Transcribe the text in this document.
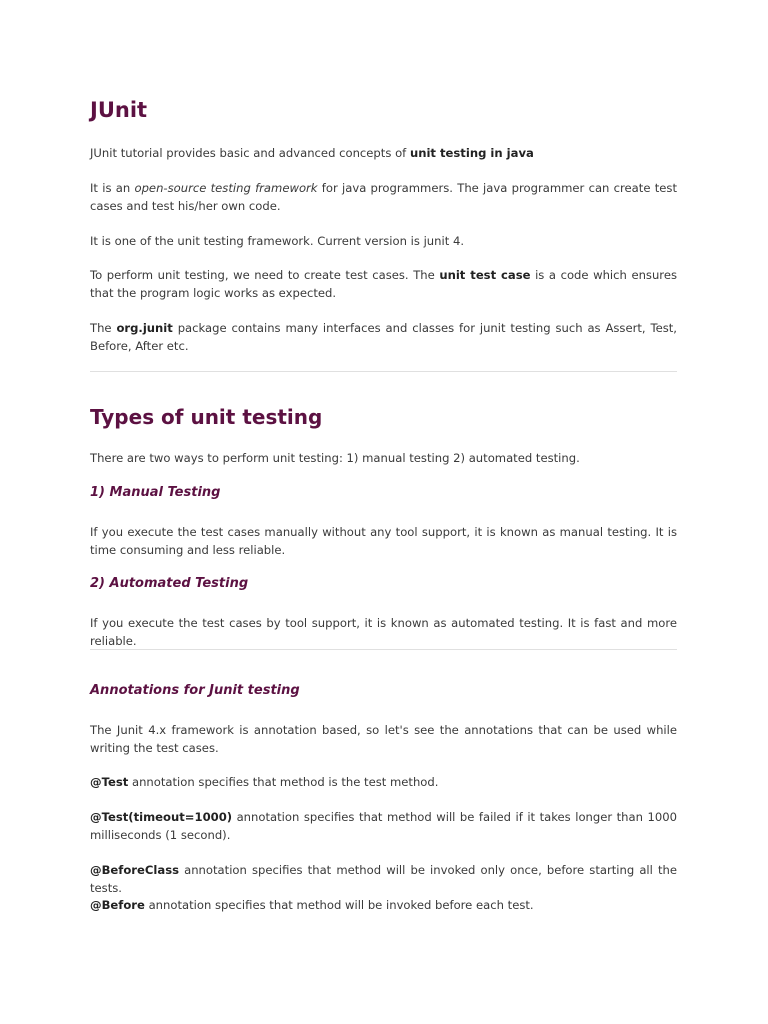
JUnit

JUnit tutorial provides basic and advanced concepts of unit testing in java

It is an open-source testing framework for java programmers. The java programmer can create test cases and test his/her own code.

It is one of the unit testing framework. Current version is junit 4.

To perform unit testing, we need to create test cases. The unit test case is a code which ensures that the program logic works as expected.

The org.junit package contains many interfaces and classes for junit testing such as Assert, Test, Before, After etc.

Types of unit testing

There are two ways to perform unit testing: 1) manual testing 2) automated testing.

1) Manual Testing

If you execute the test cases manually without any tool support, it is known as manual testing. It is time consuming and less reliable.

2) Automated Testing

If you execute the test cases by tool support, it is known as automated testing. It is fast and more reliable.

Annotations for Junit testing

The Junit 4.x framework is annotation based, so let's see the annotations that can be used while writing the test cases.

@Test annotation specifies that method is the test method.

@Test(timeout=1000) annotation specifies that method will be failed if it takes longer than 1000 milliseconds (1 second).

@BeforeClass annotation specifies that method will be invoked only once, before starting all the tests.

@Before annotation specifies that method will be invoked before each test.
